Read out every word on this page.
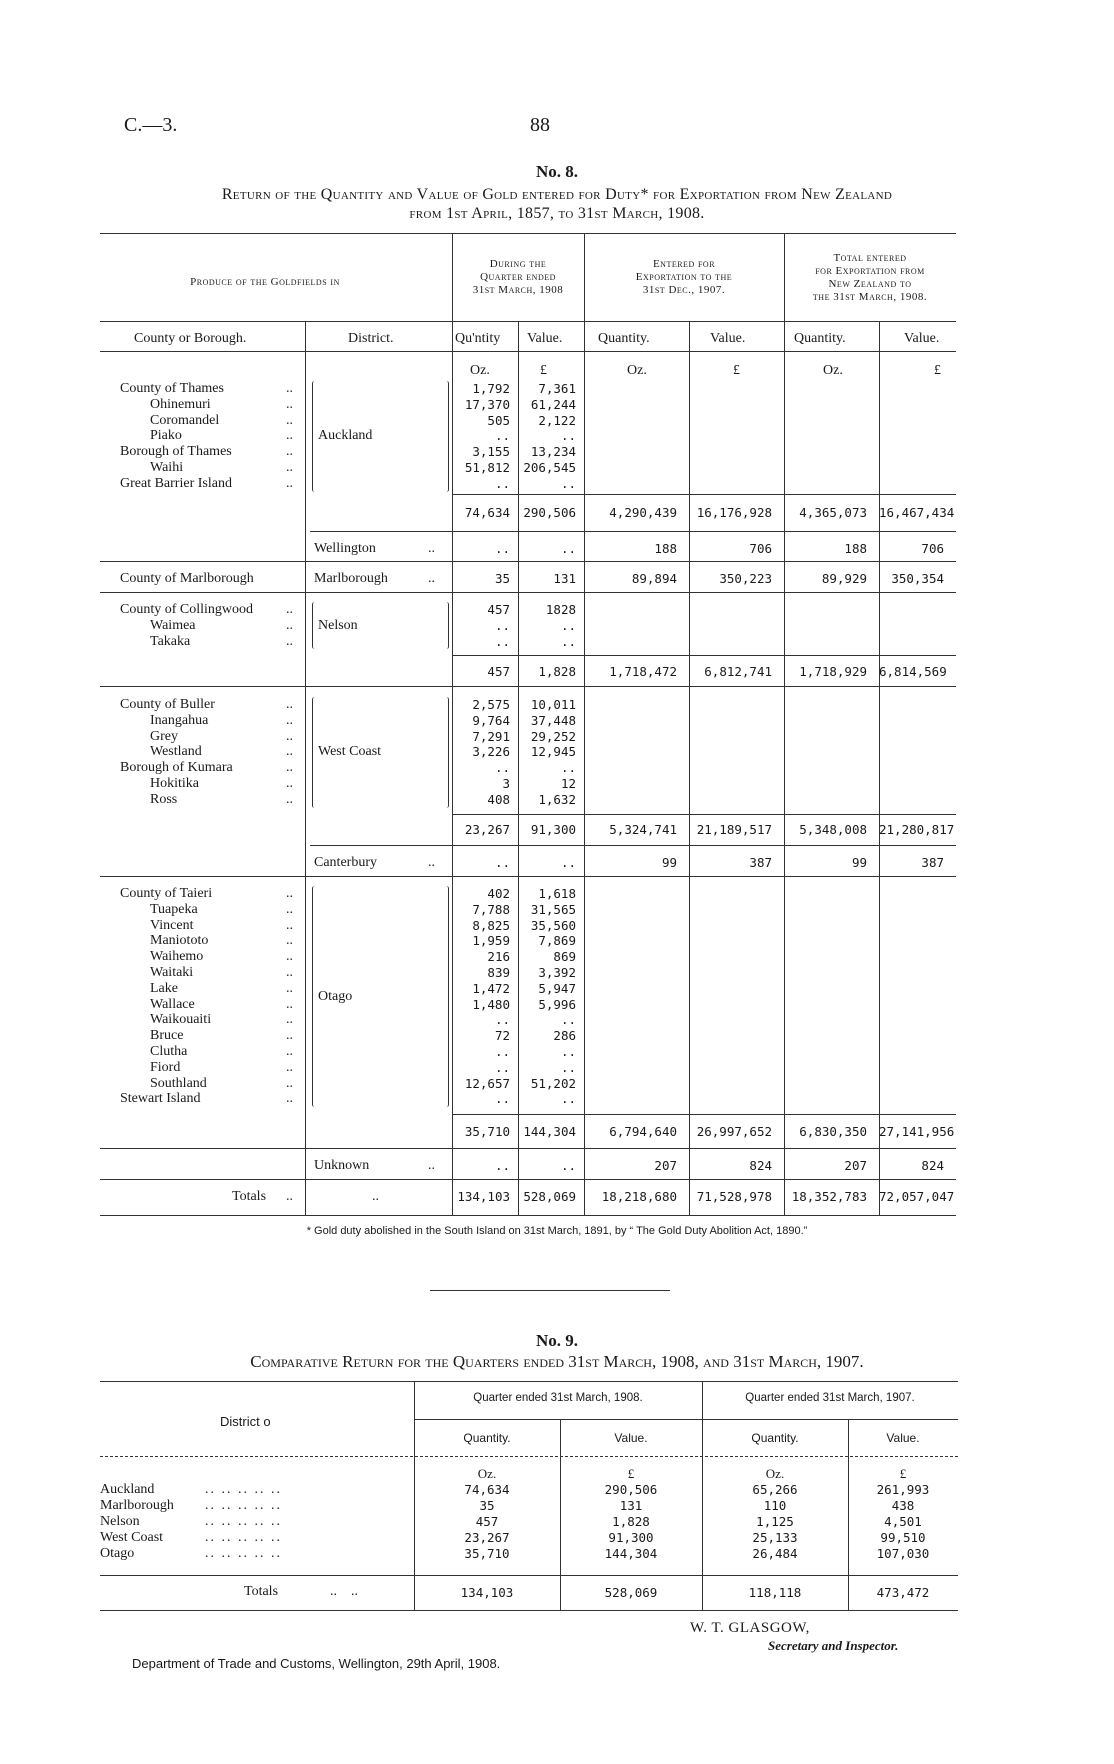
C.—3.	88
No. 8.
Return of the Quantity and Value of Gold entered for Duty* for Exportation from New Zealand
from 1st April, 1857, to 31st March, 1908.
Produce of the Goldfields in
During the
Quarter ended
31st March, 1908
Entered for
Exportation to the
31st Dec., 1907.
Total entered
for Exportation from
New Zealand to
the 31st March, 1908.
County or Borough.	District.	Qu'ntity Value.	Quantity.	Value.	Quantity.	Value.
Oz.	£	Oz.	£	Oz.	£
County of Thames	..	1,792	7,361
Ohinemuri	..	17,370	61,244
Coromandel	..	505	2,122
Piako	..	..	..
Borough of Thames	..	3,155	13,234
Waihi	..	51,812	206,545
Great Barrier Island	..	..	..
Auckland
74,634	290,506	4,290,439	16,176,928	4,365,073 16,467,434
Wellington	..	..	..	188	706	188	706
County of Marlborough	Marlborough	..	35	131	89,894	350,223	89,929	350,354
County of Collingwood ..	457	1828
Waimea	..	..	..
Takaka	..	..	..
Nelson
457	1,828	1,718,472	6,812,741	1,718,929 6,814,569
County of Buller	..	2,575	10,011
Inangahua	..	9,764	37,448
Grey	..	7,291	29,252
Westland	..	3,226	12,945
Borough of Kumara	..	..	..
Hokitika	..	3	12
Ross	..	408	1,632
West Coast
23,267	91,300	5,324,741	21,189,517	5,348,008 21,280,817
Canterbury	..	..	..	99	387	99	387
County of Taieri	..	402	1,618
Tuapeka	..	7,788	31,565
Vincent	..	8,825	35,560
Maniototo	..	1,959	7,869
Waihemo	..	216	869
Waitaki	..	839	3,392
Lake	..	1,472	5,947
Wallace	..	1,480	5,996
Waikouaiti	..	..	..
Bruce	..	72	286
Clutha	..	..	..
Fiord	..	..	..
Southland	..	12,657	51,202
Stewart Island	..	..	..
Otago
35,710	144,304	6,794,640	26,997,652	6,830,350 27,141,956
Unknown	..	..	..	207	824	207	824
Totals ..	..	134,103	528,069	18,218,680	71,528,978	18,352,783 72,057,047
* Gold duty abolished in the South Island on 31st March, 1891, by “ The Gold Duty Abolition Act, 1890.”
No. 9.
Comparative Return for the Quarters ended 31st March, 1908, and 31st March, 1907.
District o
Quarter ended 31st March, 1908.	Quarter ended 31st March, 1907.
Quantity.	Value.	Quantity.	Value.
Oz.	£	Oz.	£
Auckland	.. .. .. .. ..	74,634	290,506	65,266	261,993
Marlborough .. .. .. .. ..	35	131	110	438
Nelson	.. .. .. .. ..	457	1,828	1,125	4,501
West Coast	.. .. .. .. ..	23,267	91,300	25,133	99,510
Otago	.. .. .. .. ..	35,710	144,304	26,484	107,030
Totals	..    ..	134,103	528,069	118,118	473,472
W. T. GLASGOW,
Secretary and Inspector.
Department of Trade and Customs, Wellington, 29th April, 1908.
